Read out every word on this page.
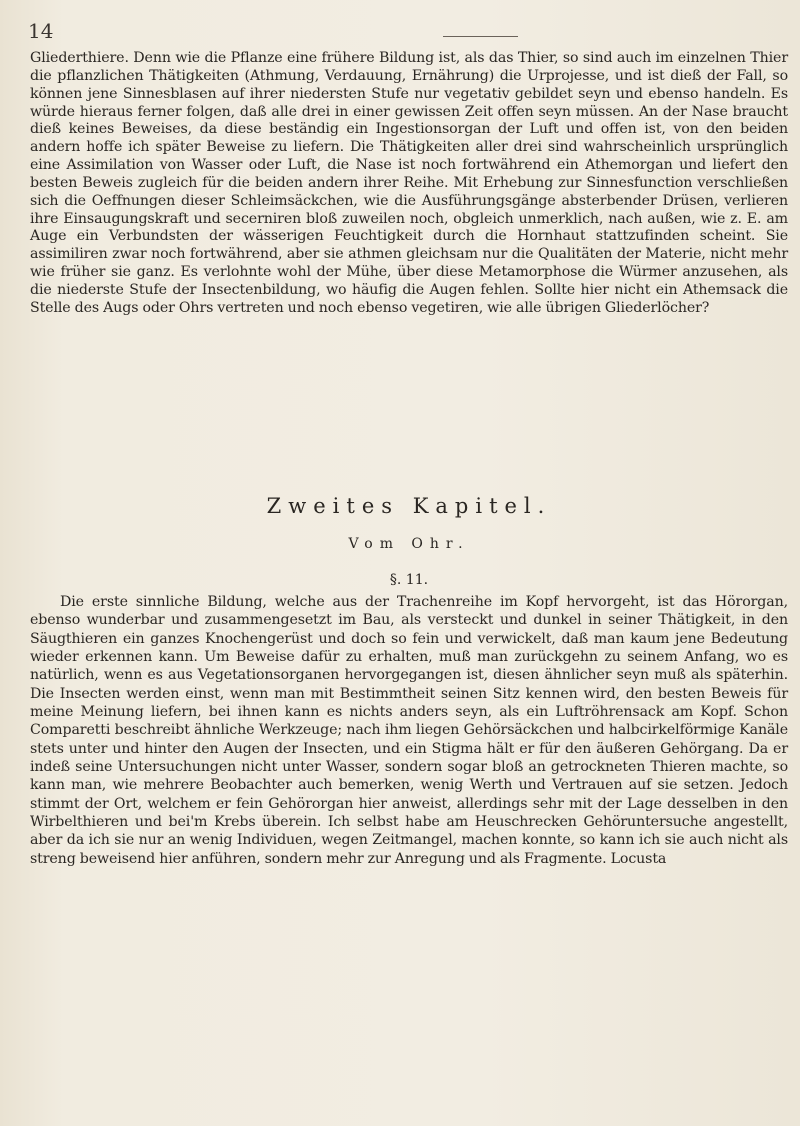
14

Gliederthiere. Denn wie die Pflanze eine frühere Bildung ist, als das Thier, so sind auch im einzelnen Thier die pflanzlichen Thätigkeiten (Athmung, Verdauung, Ernährung) die Urprojesse, und ist dieß der Fall, so können jene Sinnesblasen auf ihrer niedersten Stufe nur vegetativ gebildet seyn und ebenso handeln. Es würde hieraus ferner folgen, daß alle drei in einer gewissen Zeit offen seyn müssen. An der Nase braucht dieß keines Beweises, da diese beständig ein Ingestionsorgan der Luft und offen ist, von den beiden andern hoffe ich später Beweise zu liefern. Die Thätigkeiten aller drei sind wahrscheinlich ursprünglich eine Assimilation von Wasser oder Luft, die Nase ist noch fortwährend ein Athemorgan und liefert den besten Beweis zugleich für die beiden andern ihrer Reihe. Mit Erhebung zur Sinnesfunction verschließen sich die Oeffnungen dieser Schleimsäckchen, wie die Ausführungsgänge absterbender Drüsen, verlieren ihre Einsaugungskraft und secerniren bloß zuweilen noch, obgleich unmerklich, nach außen, wie z. E. am Auge ein Verbundsten der wässerigen Feuchtigkeit durch die Hornhaut stattzufinden scheint. Sie assimiliren zwar noch fortwährend, aber sie athmen gleichsam nur die Qualitäten der Materie, nicht mehr wie früher sie ganz. Es verlohnte wohl der Mühe, über diese Metamorphose die Würmer anzusehen, als die niederste Stufe der Insectenbildung, wo häufig die Augen fehlen. Sollte hier nicht ein Athemsack die Stelle des Augs oder Ohrs vertreten und noch ebenso vegetiren, wie alle übrigen Gliederlöcher?

Zweites Kapitel.
Vom Ohr.
§. 11.

Die erste sinnliche Bildung, welche aus der Trachenreihe im Kopf hervorgeht, ist das Hörorgan, ebenso wunderbar und zusammengesetzt im Bau, als versteckt und dunkel in seiner Thätigkeit, in den Säugthieren ein ganzes Knochengerüst und doch so fein und verwickelt, daß man kaum jene Bedeutung wieder erkennen kann. Um Beweise dafür zu erhalten, muß man zurückgehn zu seinem Anfang, wo es natürlich, wenn es aus Vegetationsorganen hervorgegangen ist, diesen ähnlicher seyn muß als späterhin. Die Insecten werden einst, wenn man mit Bestimmtheit seinen Sitz kennen wird, den besten Beweis für meine Meinung liefern, bei ihnen kann es nichts anders seyn, als ein Luftröhrensack am Kopf. Schon Comparetti beschreibt ähnliche Werkzeuge; nach ihm liegen Gehörsäckchen und halbcirkelförmige Kanäle stets unter und hinter den Augen der Insecten, und ein Stigma hält er für den äußeren Gehörgang. Da er indeß seine Untersuchungen nicht unter Wasser, sondern sogar bloß an getrockneten Thieren machte, so kann man, wie mehrere Beobachter auch bemerken, wenig Werth und Vertrauen auf sie setzen. Jedoch stimmt der Ort, welchem er fein Gehörorgan hier anweist, allerdings sehr mit der Lage desselben in den Wirbelthieren und bei'm Krebs überein. Ich selbst habe am Heuschrecken Gehöruntersuche angestellt, aber da ich sie nur an wenig Individuen, wegen Zeitmangel, machen konnte, so kann ich sie auch nicht als streng beweisend hier anführen, sondern mehr zur Anregung und als Fragmente. Locusta
